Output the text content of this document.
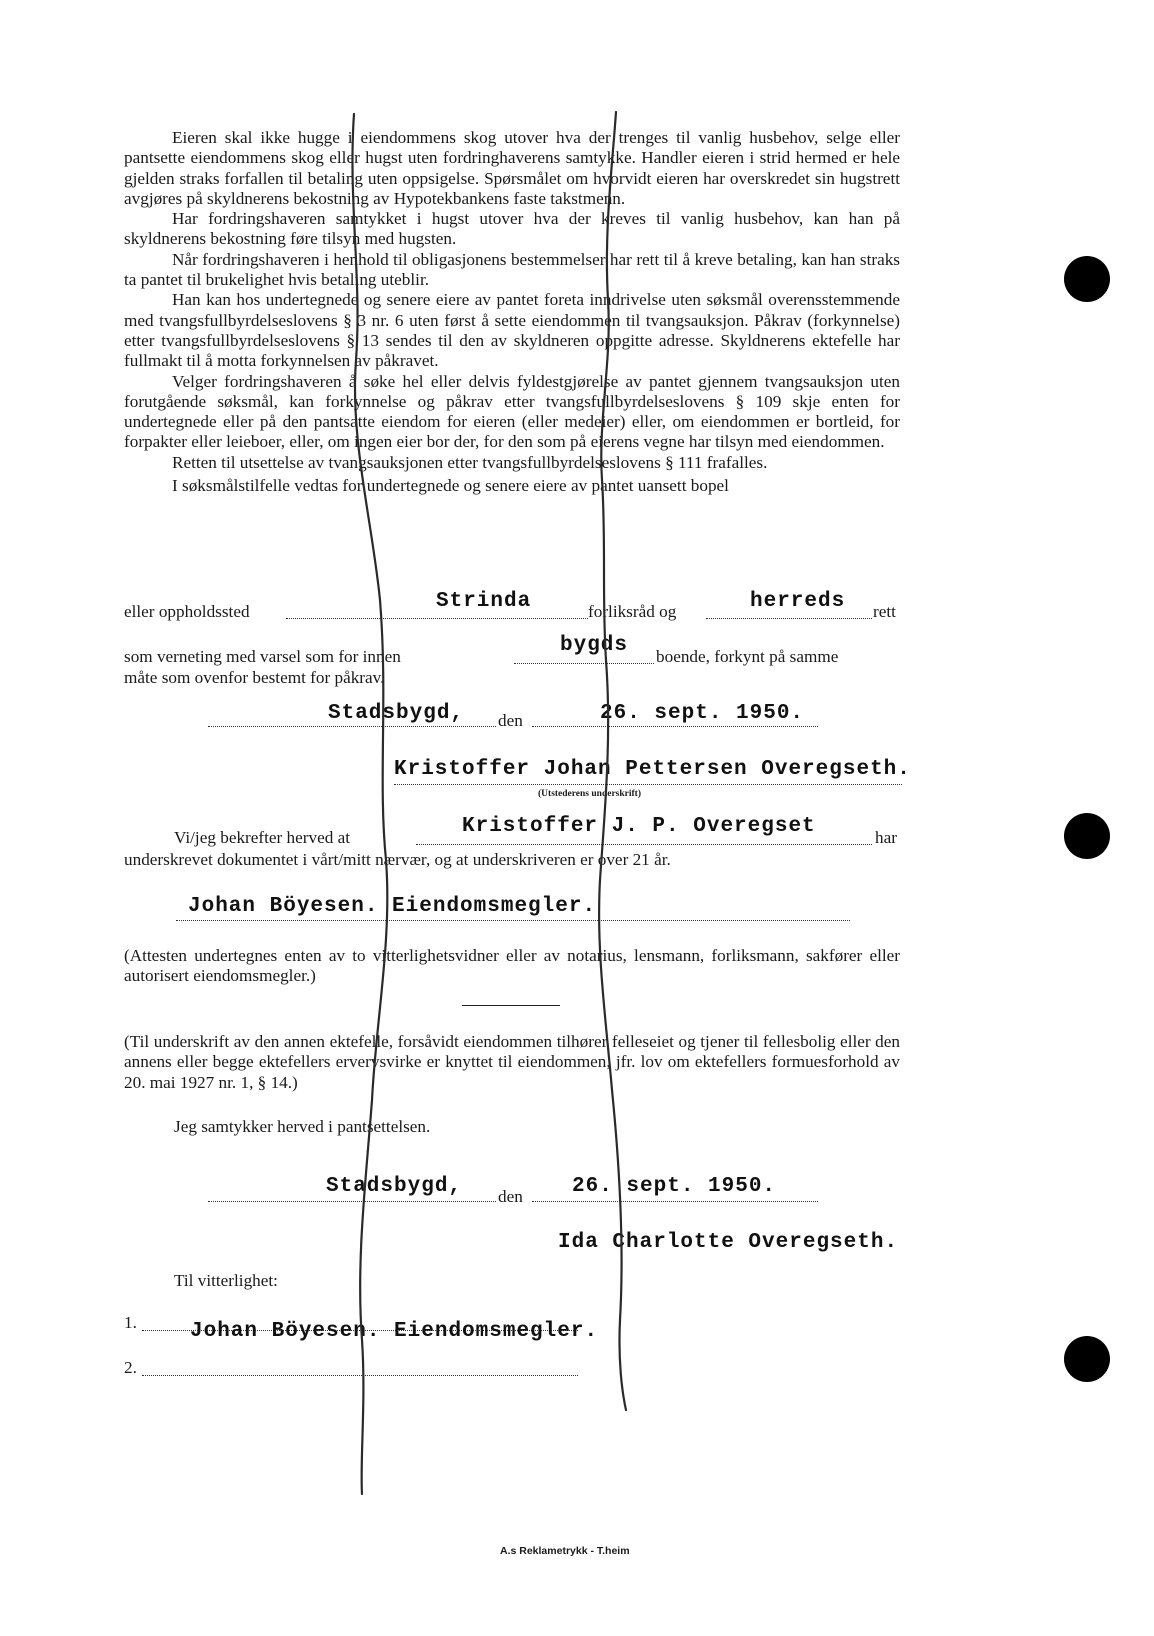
Eieren skal ikke hugge i eiendommens skog utover hva der trenges til vanlig husbehov, selge eller pantsette eiendommens skog eller hugst uten fordringhaverens samtykke. Handler eieren i strid hermed er hele gjelden straks forfallen til betaling uten oppsigelse. Spørsmålet om hvorvidt eieren har overskredet sin hugstrett avgjøres på skyldnerens bekostning av Hypotekbankens faste takstmenn.

Har fordringshaveren samtykket i hugst utover hva der kreves til vanlig husbehov, kan han på skyldnerens bekostning føre tilsyn med hugsten.

Når fordringshaveren i henhold til obligasjonens bestemmelser har rett til å kreve betaling, kan han straks ta pantet til brukelighet hvis betaling uteblir.

Han kan hos undertegnede og senere eiere av pantet foreta inndrivelse uten søksmål overensstemmende med tvangsfullbyrdelseslovens § 3 nr. 6 uten først å sette eiendommen til tvangsauksjon. Påkrav (forkynnelse) etter tvangsfullbyrdelseslovens § 13 sendes til den av skyldneren oppgitte adresse. Skyldnerens ektefelle har fullmakt til å motta forkynnelsen av påkravet.

Velger fordringshaveren å søke hel eller delvis fyldestgjørelse av pantet gjennem tvangsauksjon uten forutgående søksmål, kan forkynnelse og påkrav etter tvangsfullbyrdelseslovens § 109 skje enten for undertegnede eller på den pantsatte eiendom for eieren (eller medeier) eller, om eiendommen er bortleid, for forpakter eller leieboer, eller, om ingen eier bor der, for den som på eierens vegne har tilsyn med eiendommen.

Retten til utsettelse av tvangsauksjonen etter tvangsfullbyrdelseslovens § 111 frafalles.

I søksmålstilfelle vedtas for undertegnede og senere eiere av pantet uansett bopel

eller oppholdssted	Strinda	forliksråd og	herreds rett
som verneting med varsel som for innen	bygds boende, forkynt på samme
måte som ovenfor bestemt for påkrav.
Stadsbygd, den	26. sept. 1950.
Kristoffer Johan Pettersen Overegseth.
(Utstederens underskrift)
Vi/jeg bekrefter herved at	Kristoffer J. P. Overegset	har
underskrevet dokumentet i vårt/mitt nærvær, og at underskriveren er over 21 år.
Johan Böyesen. Eiendomsmegler.

(Attesten undertegnes enten av to vitterlighetsvidner eller av notarius, lensmann, forliksmann, sakfører eller autorisert eiendomsmegler.)

(Til underskrift av den annen ektefelle, forsåvidt eiendommen tilhører felleseiet og tjener til fellesbolig eller den annens eller begge ektefellers ervervsvirke er knyttet til eiendommen, jfr. lov om ektefellers formuesforhold av 20. mai 1927 nr. 1, § 14.)

Jeg samtykker herved i pantsettelsen.
Stadsbygd, den 26. sept. 1950.
Ida Charlotte Overegseth.
Til vitterlighet:
1.	Johan Böyesen. Eiendomsmegler.
2.
A.s Reklametrykk - T.heim
